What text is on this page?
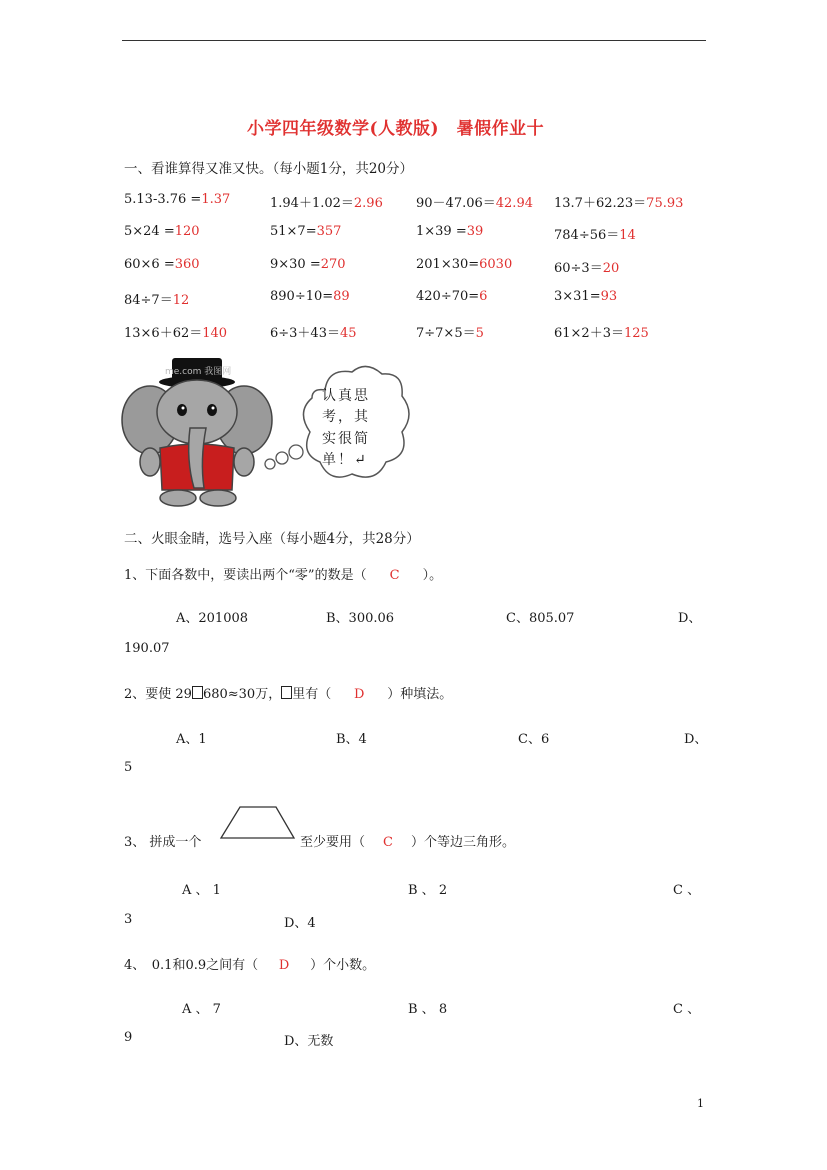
小学四年级数学(人教版)　暑假作业十
一、看谁算得又准又快。（每小题1分，共20分）
5.13-3.76 =1.37	1.94＋1.02＝2.96	90－47.06＝42.94 13.7＋62.23＝75.93
5×24 =120	51×7=357	1×39 =39	784÷56＝14
60×6 =360	9×30 =270	201×30=6030	60÷3＝20
84÷7＝12	890÷10=89	420÷70=6	3×31=93
13×6＋62＝140	6÷3＋43＝45	7÷7×5＝5	61×2＋3＝125
me.com 我图网
认真思
考，其
实很简
单！↵
二、火眼金睛，选号入座（每小题4分，共28分）
1、下面各数中，要读出两个“零”的数是（ C ）。
A、201008	B、300.06	C、805.07	D、
190.07
2、要使 29 680≈30万， 里有（ D ）种填法。
A、1	B、4	C、6	D、
5
3、 拼成一个	至少要用（ C ）个等边三角形。
A 、 1	B 、 2	C 、
3	D、4
4、　0.1和0.9之间有（ D ）个小数。
A 、 7	B 、 8	C 、
9	D、无数
1
